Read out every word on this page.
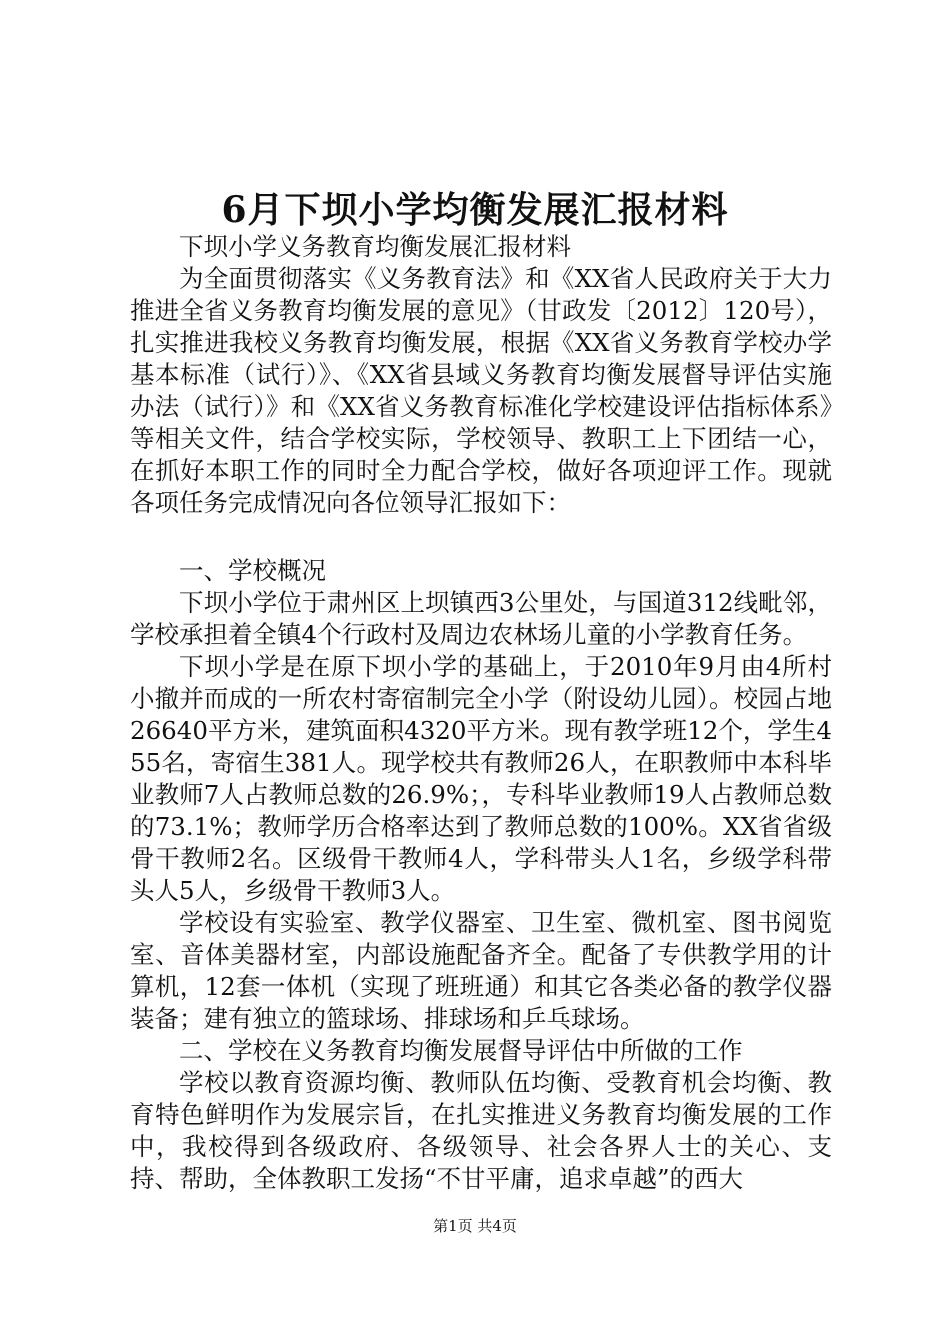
6月下坝小学均衡发展汇报材料

下坝小学义务教育均衡发展汇报材料

为全面贯彻落实《义务教育法》和《XX省人民政府关于大力推进全省义务教育均衡发展的意见》（甘政发〔2012〕120号），扎实推进我校义务教育均衡发展，根据《XX省义务教育学校办学基本标准（试行）》、《XX省县域义务教育均衡发展督导评估实施办法（试行）》和《XX省义务教育标准化学校建设评估指标体系》等相关文件，结合学校实际，学校领导、教职工上下团结一心，在抓好本职工作的同时全力配合学校，做好各项迎评工作。现就各项任务完成情况向各位领导汇报如下：

一、学校概况

下坝小学位于肃州区上坝镇西3公里处，与国道312线毗邻，学校承担着全镇4个行政村及周边农林场儿童的小学教育任务。

下坝小学是在原下坝小学的基础上，于2010年9月由4所村小撤并而成的一所农村寄宿制完全小学（附设幼儿园）。校园占地26640平方米，建筑面积4320平方米。现有教学班12个，学生455名，寄宿生381人。现学校共有教师26人，在职教师中本科毕业教师7人占教师总数的26.9%；，专科毕业教师19人占教师总数的73.1%；教师学历合格率达到了教师总数的100%。XX省省级骨干教师2名。区级骨干教师4人，学科带头人1名，乡级学科带头人5人，乡级骨干教师3人。

学校设有实验室、教学仪器室、卫生室、微机室、图书阅览室、音体美器材室，内部设施配备齐全。配备了专供教学用的计算机，12套一体机（实现了班班通）和其它各类必备的教学仪器装备；建有独立的篮球场、排球场和乒乓球场。

二、学校在义务教育均衡发展督导评估中所做的工作

学校以教育资源均衡、教师队伍均衡、受教育机会均衡、教育特色鲜明作为发展宗旨，在扎实推进义务教育均衡发展的工作中，我校得到各级政府、各级领导、社会各界人士的关心、支持、帮助，全体教职工发扬“不甘平庸，追求卓越”的西大

第1页 共4页
